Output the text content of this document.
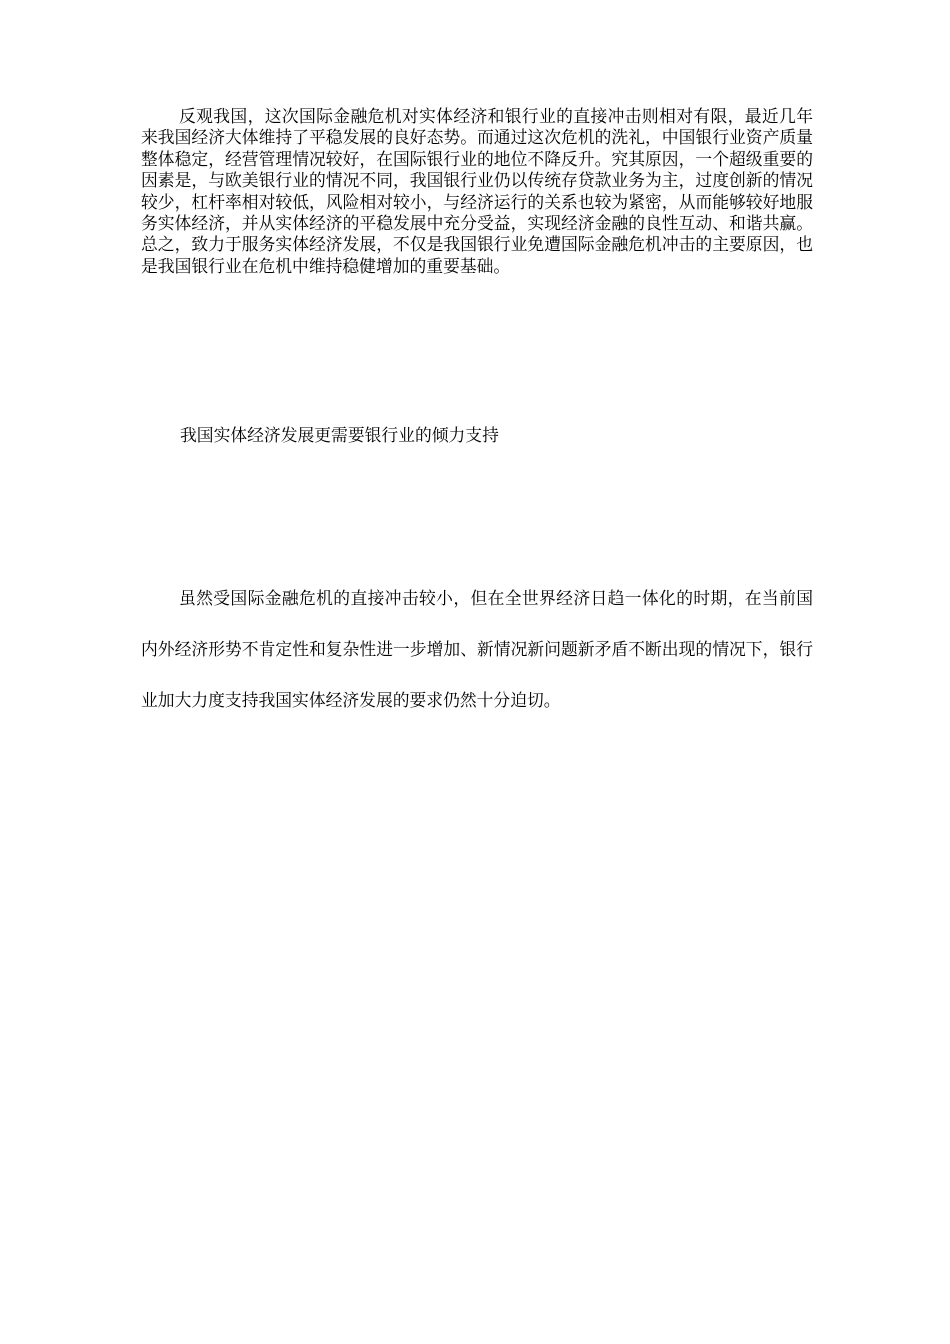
反观我国，这次国际金融危机对实体经济和银行业的直接冲击则相对有限，最近几年来我国经济大体维持了平稳发展的良好态势。而通过这次危机的洗礼，中国银行业资产质量整体稳定，经营管理情况较好，在国际银行业的地位不降反升。究其原因，一个超级重要的因素是，与欧美银行业的情况不同，我国银行业仍以传统存贷款业务为主，过度创新的情况较少，杠杆率相对较低，风险相对较小，与经济运行的关系也较为紧密，从而能够较好地服务实体经济，并从实体经济的平稳发展中充分受益，实现经济金融的良性互动、和谐共赢。总之，致力于服务实体经济发展，不仅是我国银行业免遭国际金融危机冲击的主要原因，也是我国银行业在危机中维持稳健增加的重要基础。

我国实体经济发展更需要银行业的倾力支持

虽然受国际金融危机的直接冲击较小，但在全世界经济日趋一体化的时期，在当前国内外经济形势不肯定性和复杂性进一步增加、新情况新问题新矛盾不断出现的情况下，银行业加大力度支持我国实体经济发展的要求仍然十分迫切。
